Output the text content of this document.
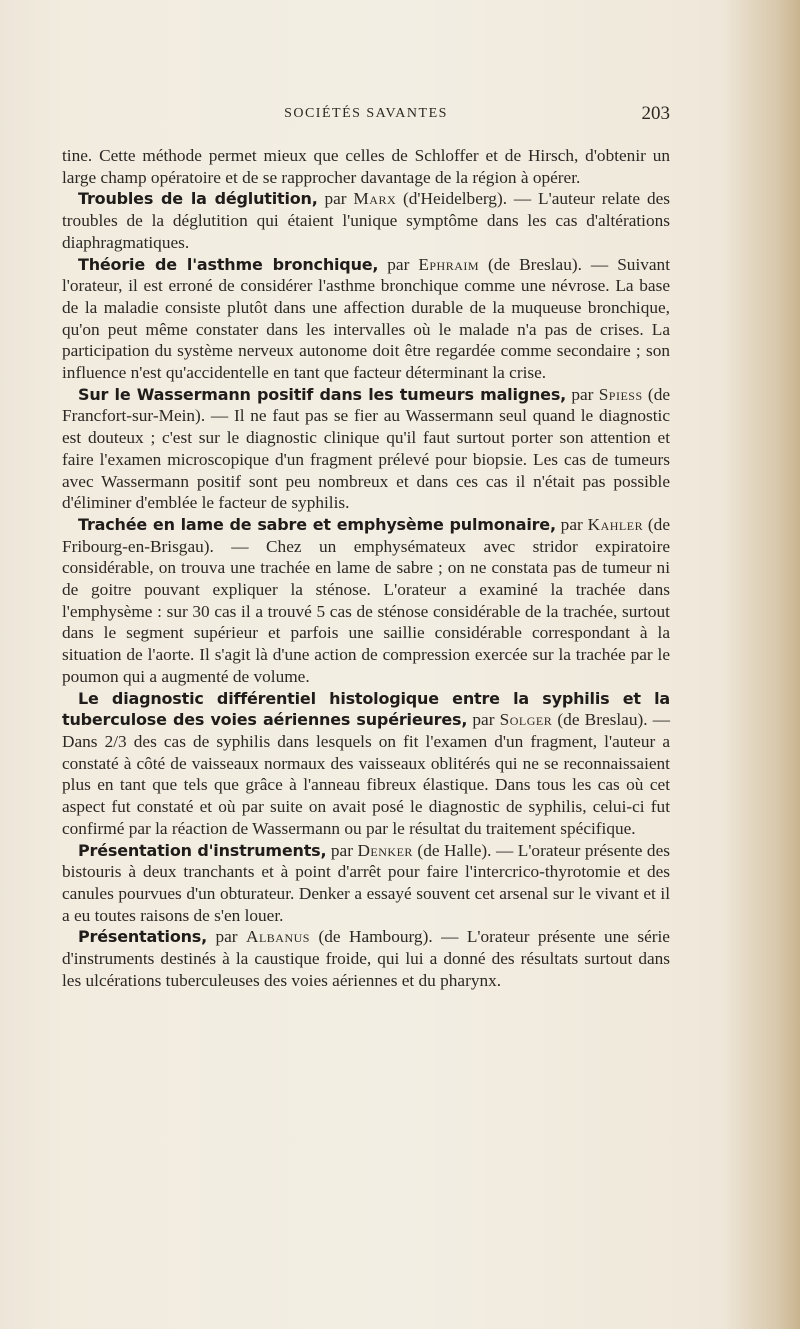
SOCIÉTÉS SAVANTES	203

tine. Cette méthode permet mieux que celles de Schloffer et de Hirsch, d'obtenir un large champ opératoire et de se rapprocher davantage de la région à opérer.

Troubles de la déglutition, par Marx (d'Heidelberg). — L'auteur relate des troubles de la déglutition qui étaient l'unique symptôme dans les cas d'altérations diaphragmatiques.

Théorie de l'asthme bronchique, par Ephraim (de Breslau). — Suivant l'orateur, il est erroné de considérer l'asthme bronchique comme une névrose. La base de la maladie consiste plutôt dans une affection durable de la muqueuse bronchique, qu'on peut même constater dans les intervalles où le malade n'a pas de crises. La participation du système nerveux autonome doit être regardée comme secondaire ; son influence n'est qu'accidentelle en tant que facteur déterminant la crise.

Sur le Wassermann positif dans les tumeurs malignes, par Spiess (de Francfort-sur-Mein). — Il ne faut pas se fier au Wassermann seul quand le diagnostic est douteux ; c'est sur le diagnostic clinique qu'il faut surtout porter son attention et faire l'examen microscopique d'un fragment prélevé pour biopsie. Les cas de tumeurs avec Wassermann positif sont peu nombreux et dans ces cas il n'était pas possible d'éliminer d'emblée le facteur de syphilis.

Trachée en lame de sabre et emphysème pulmonaire, par Kahler (de Fribourg-en-Brisgau). — Chez un emphysémateux avec stridor expiratoire considérable, on trouva une trachée en lame de sabre ; on ne constata pas de tumeur ni de goitre pouvant expliquer la sténose. L'orateur a examiné la trachée dans l'emphysème : sur 30 cas il a trouvé 5 cas de sténose considérable de la trachée, surtout dans le segment supérieur et parfois une saillie considérable correspondant à la situation de l'aorte. Il s'agit là d'une action de compression exercée sur la trachée par le poumon qui a augmenté de volume.

Le diagnostic différentiel histologique entre la syphilis et la tuberculose des voies aériennes supérieures, par Solger (de Breslau). — Dans 2/3 des cas de syphilis dans lesquels on fit l'examen d'un fragment, l'auteur a constaté à côté de vaisseaux normaux des vaisseaux oblitérés qui ne se reconnaissaient plus en tant que tels que grâce à l'anneau fibreux élastique. Dans tous les cas où cet aspect fut constaté et où par suite on avait posé le diagnostic de syphilis, celui-ci fut confirmé par la réaction de Wassermann ou par le résultat du traitement spécifique.

Présentation d'instruments, par Denker (de Halle). — L'orateur présente des bistouris à deux tranchants et à point d'arrêt pour faire l'intercrico-thyrotomie et des canules pourvues d'un obturateur. Denker a essayé souvent cet arsenal sur le vivant et il a eu toutes raisons de s'en louer.

Présentations, par Albanus (de Hambourg). — L'orateur présente une série d'instruments destinés à la caustique froide, qui lui a donné des résultats surtout dans les ulcérations tuberculeuses des voies aériennes et du pharynx.
